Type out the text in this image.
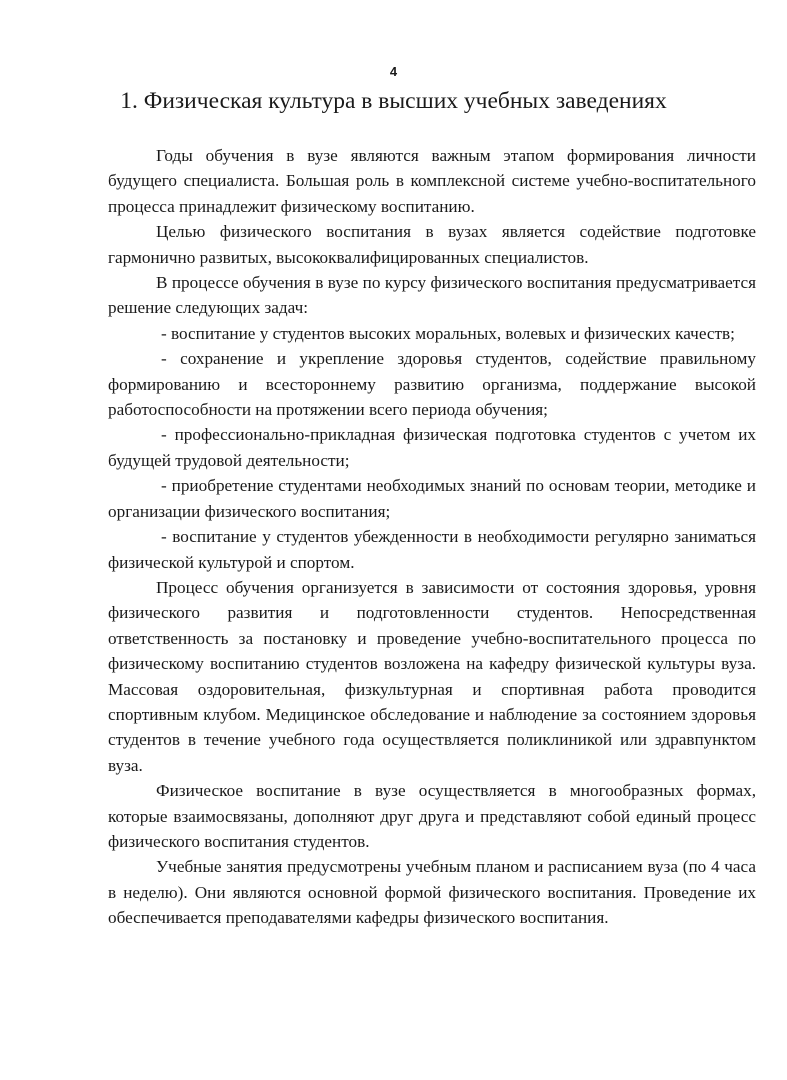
4
1. Физическая культура в высших учебных заведениях

Годы обучения в вузе являются важным этапом формирования личности будущего специалиста. Большая роль в комплексной системе учебно-воспитательного процесса принадлежит физическому воспитанию.

Целью физического воспитания в вузах является содействие подготовке гармонично развитых, высококвалифицированных специалистов.

В процессе обучения в вузе по курсу физического воспитания предусматривается решение следующих задач:

- воспитание у студентов высоких моральных, волевых и физических качеств;

- сохранение и укрепление здоровья студентов, содействие правильному формированию и всестороннему развитию организма, поддержание высокой работоспособности на протяжении всего периода обучения;

- профессионально-прикладная физическая подготовка студентов с учетом их будущей трудовой деятельности;

- приобретение студентами необходимых знаний по основам теории, методике и организации физического воспитания;

- воспитание у студентов убежденности в необходимости регулярно заниматься физической культурой и спортом.

Процесс обучения организуется в зависимости от состояния здоровья, уровня физического развития и подготовленности студентов. Непосредственная ответственность за постановку и проведение учебно-воспитательного процесса по физическому воспитанию студентов возложена на кафедру физической культуры вуза. Массовая оздоровительная, физкультурная и спортивная работа проводится спортивным клубом. Медицинское обследование и наблюдение за состоянием здоровья студентов в течение учебного года осуществляется поликлиникой или здравпунктом вуза.

Физическое воспитание в вузе осуществляется в многообразных формах, которые взаимосвязаны, дополняют друг друга и представляют собой единый процесс физического воспитания студентов.

Учебные занятия предусмотрены учебным планом и расписанием вуза (по 4 часа в неделю). Они являются основной формой физического воспитания. Проведение их обеспечивается преподавателями кафедры физического воспитания.
